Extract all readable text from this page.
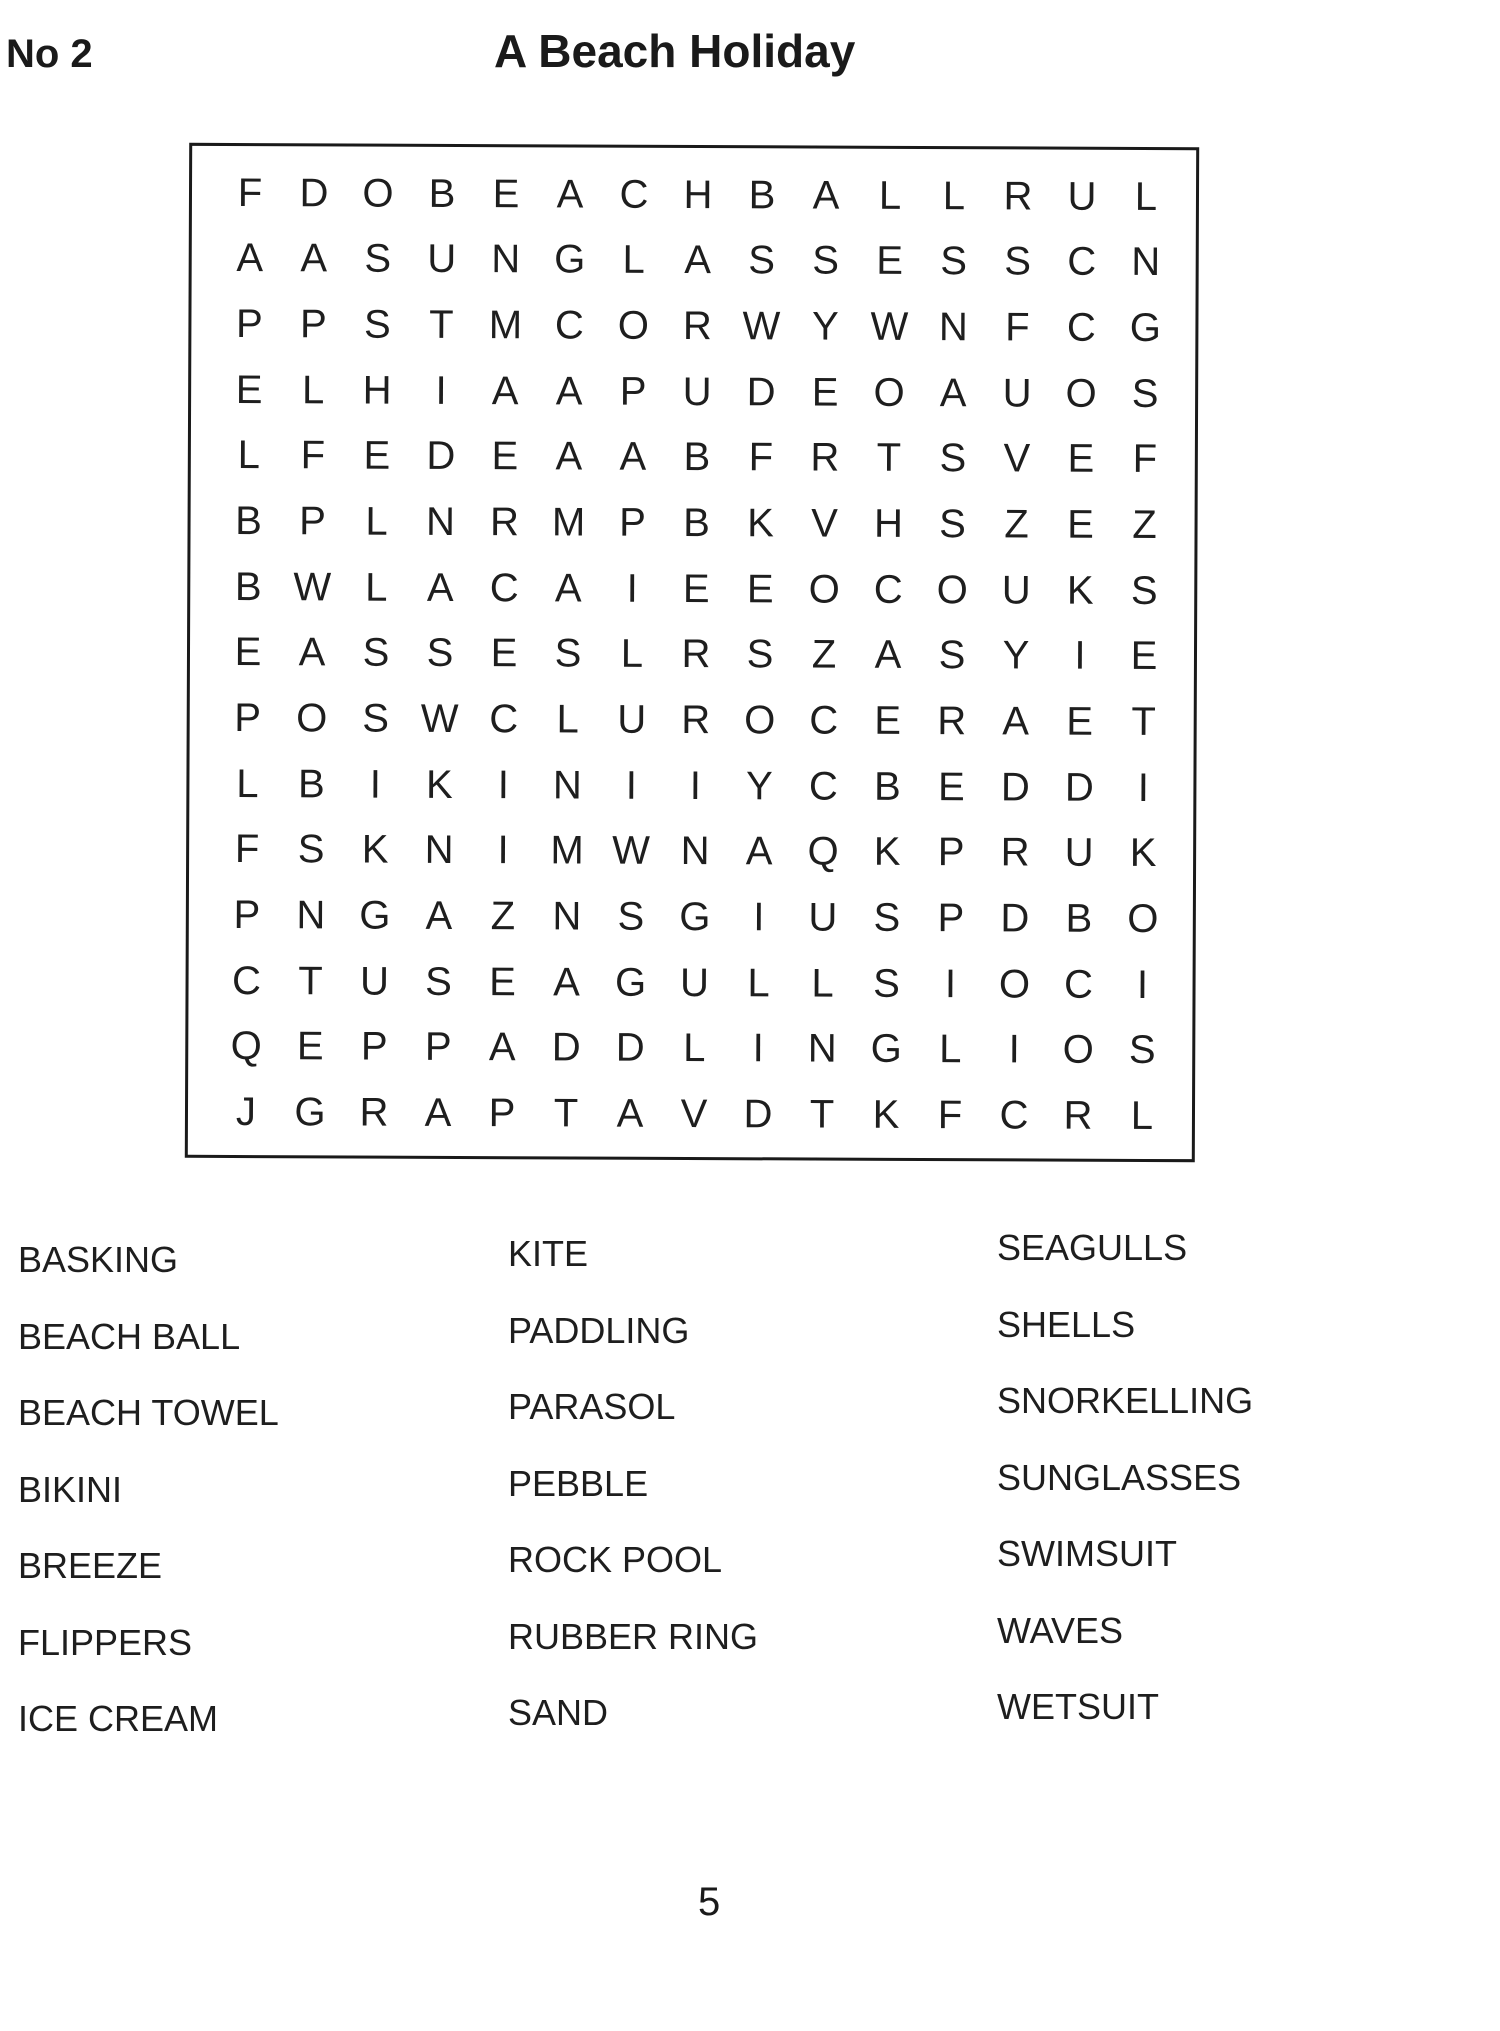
No 2	A Beach Holiday
F D O B E A C H B A L	L R U L
A A S U N G L A S S E S S C N
P P S T M C O R W Y W N F C G
E L H	I	A A P U D E O A U O S
L	F E D E A A B F R T S V E F
B P L N R M P B K V H S Z E Z
B W L A C A	I	E E O C O U K S
E A S S E S L R S Z A S Y	I	E
P O S W C L U R O C E R A E T
L B	I	K	I	N	I	I	Y C B E D D	I
F S K N	I	M W N A Q K P R U K
P N G A Z N S G	I	U S P D B O
C T U S E A G U L	L S	I	O C	I
Q E P P A D D L	I	N G L	I	O S
J G R A P T A V D T K F C R L
BASKING
BEACH BALL
BEACH TOWEL
BIKINI
BREEZE
FLIPPERS
ICE CREAM
KITE
PADDLING
PARASOL
PEBBLE
ROCK POOL
RUBBER RING
SAND
SEAGULLS
SHELLS
SNORKELLING
SUNGLASSES
SWIMSUIT
WAVES
WETSUIT
5
